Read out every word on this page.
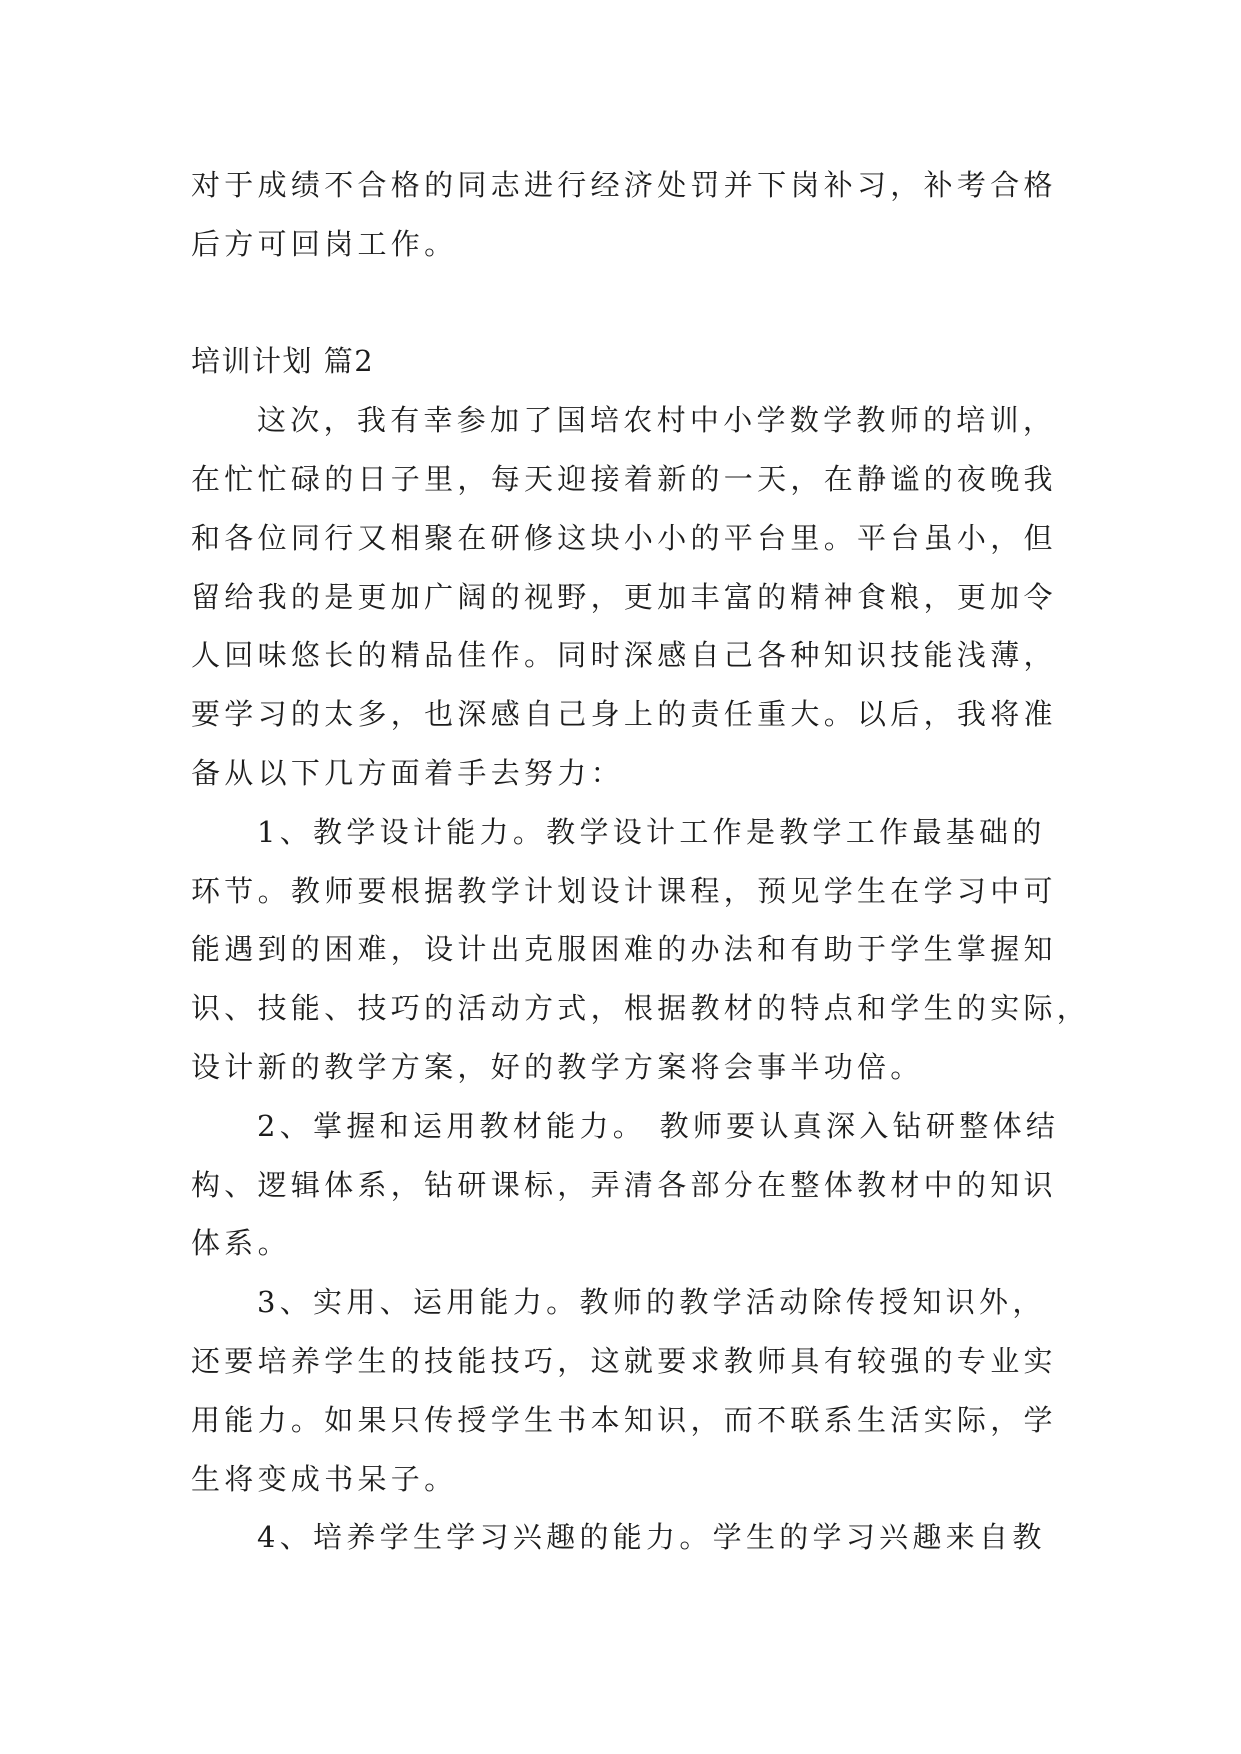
对于成绩不合格的同志进行经济处罚并下岗补习，补考合格
后方可回岗工作。
培训计划 篇2
这次，我有幸参加了国培农村中小学数学教师的培训，
在忙忙碌的日子里，每天迎接着新的一天，在静谧的夜晚我
和各位同行又相聚在研修这块小小的平台里。平台虽小，但
留给我的是更加广阔的视野，更加丰富的精神食粮，更加令
人回味悠长的精品佳作。同时深感自己各种知识技能浅薄，
要学习的太多，也深感自己身上的责任重大。以后，我将准
备从以下几方面着手去努力：
1、教学设计能力。教学设计工作是教学工作最基础的
环节。教师要根据教学计划设计课程，预见学生在学习中可
能遇到的困难，设计出克服困难的办法和有助于学生掌握知
识、技能、技巧的活动方式，根据教材的特点和学生的实际，
设计新的教学方案，好的教学方案将会事半功倍。
2、掌握和运用教材能力。 教师要认真深入钻研整体结
构、逻辑体系，钻研课标，弄清各部分在整体教材中的知识
体系。
3、实用、运用能力。教师的教学活动除传授知识外，
还要培养学生的技能技巧，这就要求教师具有较强的专业实
用能力。如果只传授学生书本知识，而不联系生活实际，学
生将变成书呆子。
4、培养学生学习兴趣的能力。学生的学习兴趣来自教
